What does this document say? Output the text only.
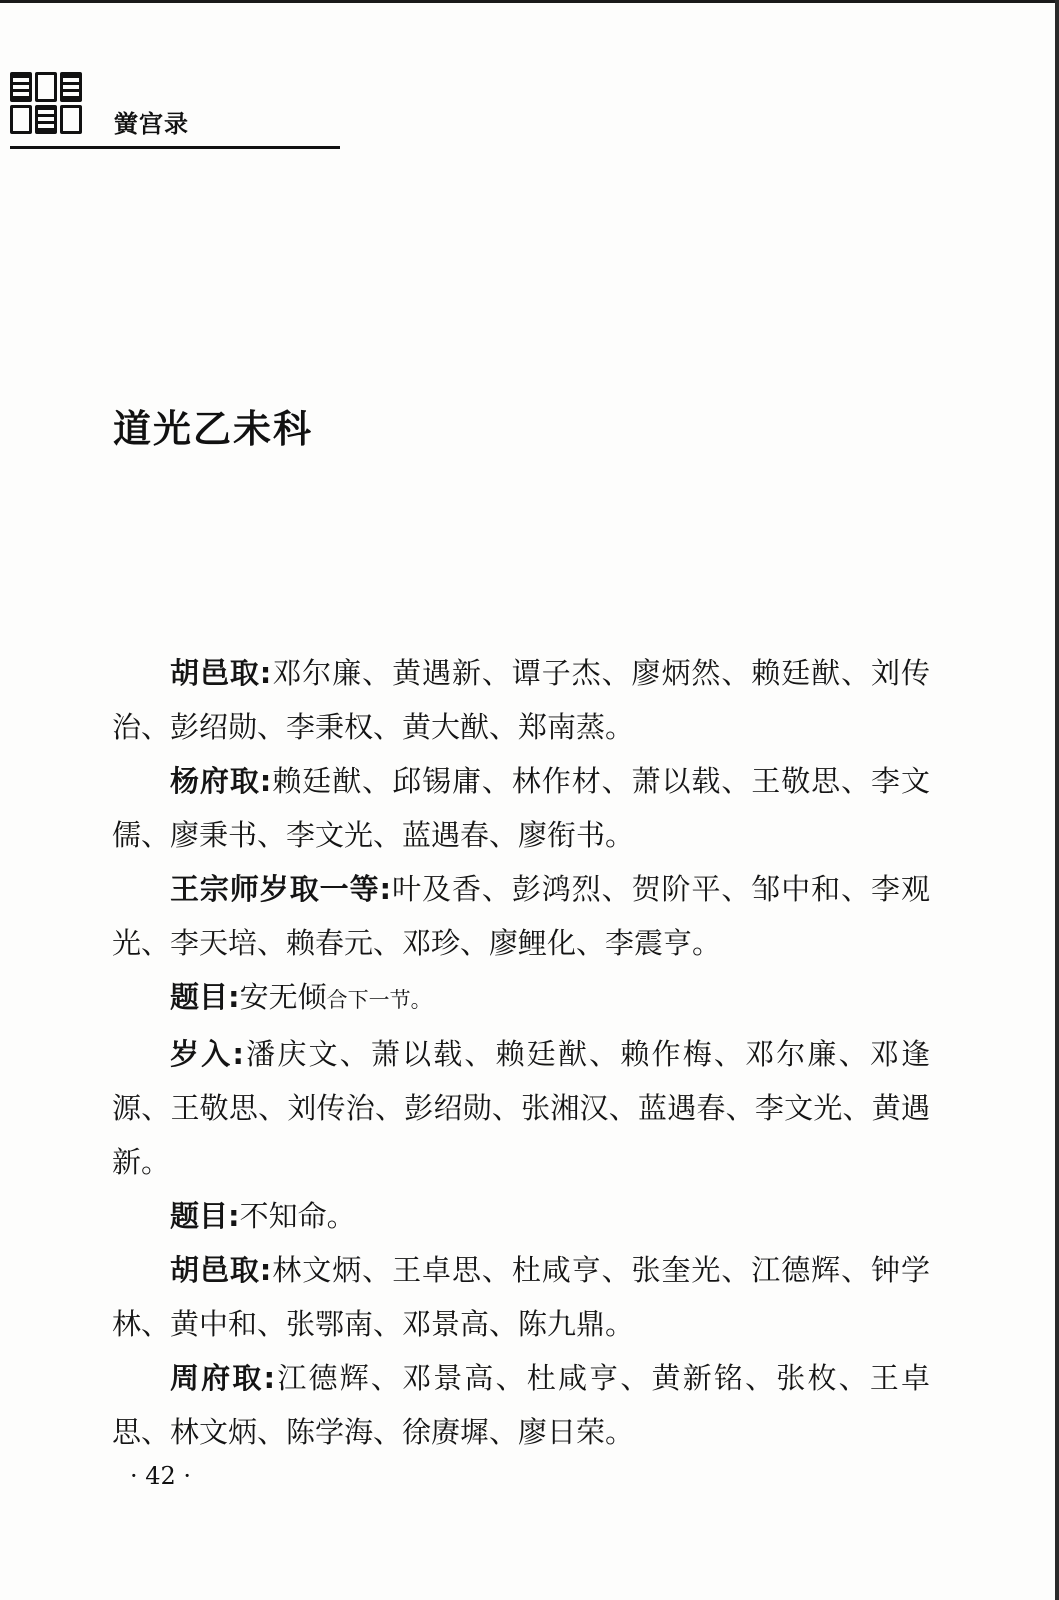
黉宫录
道光乙未科

胡邑取:邓尔廉、黄遇新、谭子杰、廖炳然、赖廷猷、刘传治、彭绍勋、李秉权、黄大猷、郑南蒸。

杨府取:赖廷猷、邱锡庸、林作材、萧以载、王敬思、李文儒、廖秉书、李文光、蓝遇春、廖衔书。

王宗师岁取一等:叶及香、彭鸿烈、贺阶平、邹中和、李观光、李天培、赖春元、邓珍、廖鲤化、李震亨。

题目:安无倾合下一节。

岁入:潘庆文、萧以载、赖廷猷、赖作梅、邓尔廉、邓逢源、王敬思、刘传治、彭绍勋、张湘汉、蓝遇春、李文光、黄遇新。

题目:不知命。

胡邑取:林文炳、王卓思、杜咸亨、张奎光、江德辉、钟学林、黄中和、张鄂南、邓景高、陈九鼎。

周府取:江德辉、邓景高、杜咸亨、黄新铭、张枚、王卓思、林文炳、陈学海、徐赓墀、廖日荣。

· 42 ·
